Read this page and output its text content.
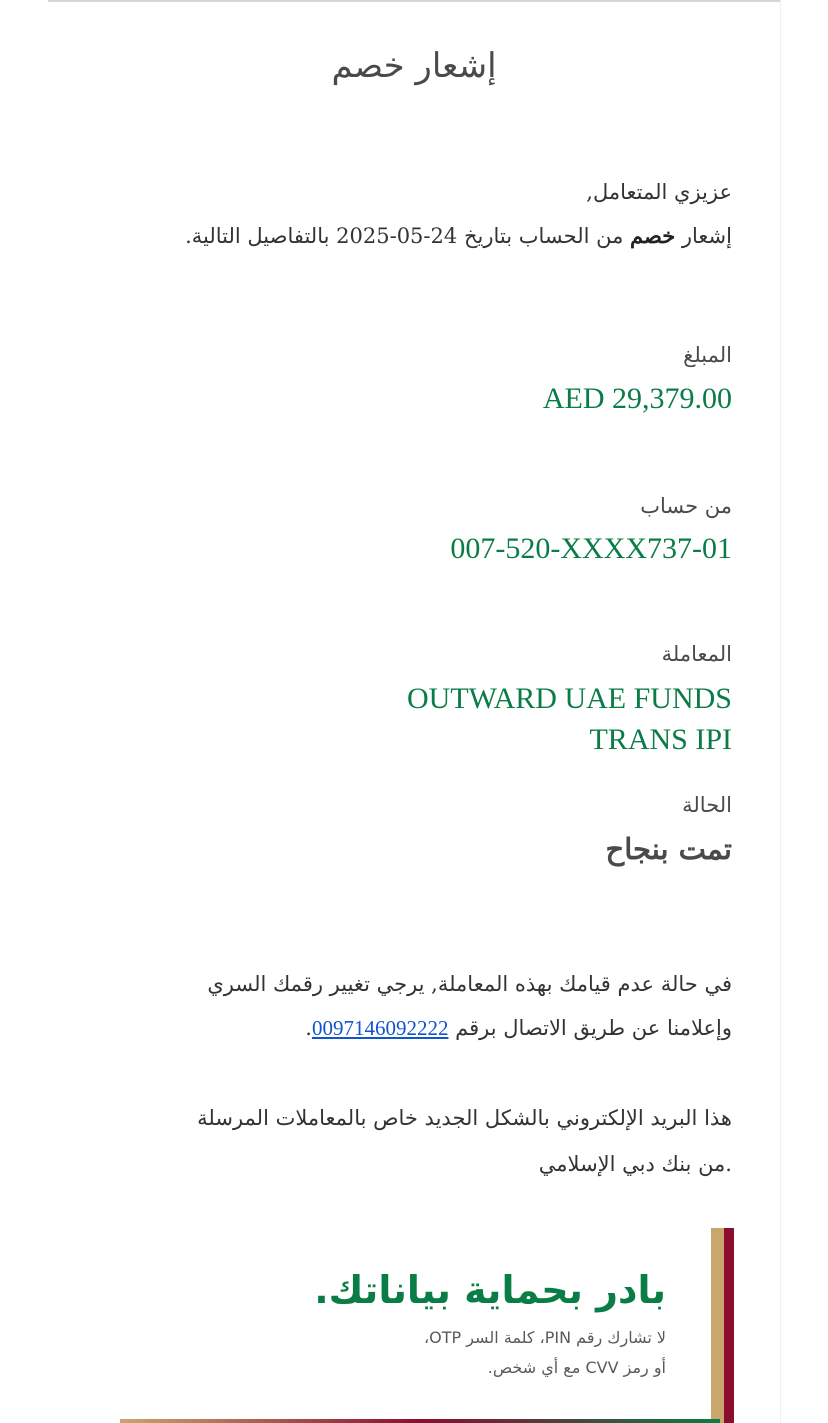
إشعار خصم
عزيزي المتعامل,
إشعار خصم من الحساب بتاريخ 24-05-2025 بالتفاصيل التالية.
المبلغ
AED 29,379.00
من حساب
007-520-XXXX737-01
المعاملة
OUTWARD UAE FUNDS
TRANS IPI
الحالة
تمت بنجاح
في حالة عدم قيامك بهذه المعاملة, يرجي تغيير رقمك السري
وإعلامنا عن طريق الاتصال برقم 0097146092222.
هذا البريد الإلكتروني بالشكل الجديد خاص بالمعاملات المرسلة
.من بنك دبي الإسلامي
بادر بحماية بياناتك.
لا تشارك رقم PIN، كلمة السر OTP،
أو رمز CVV مع أي شخص.
